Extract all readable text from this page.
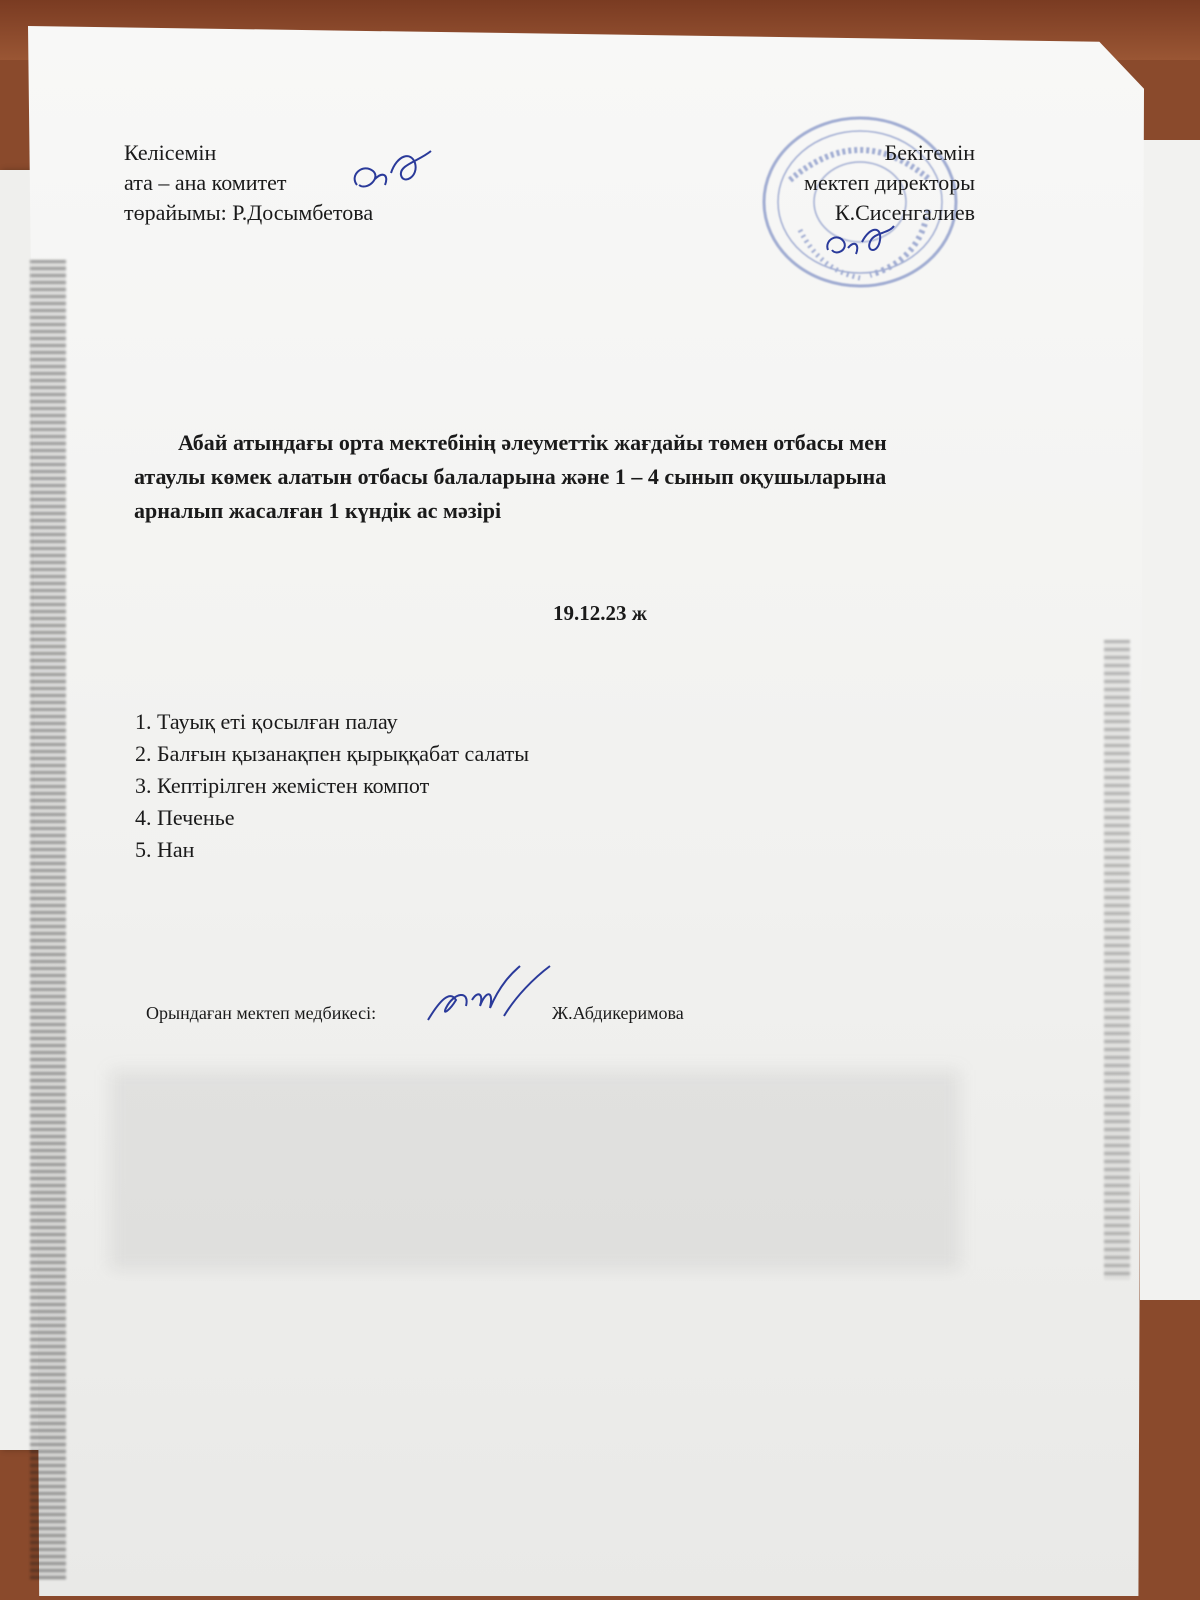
Келісемін
ата – ана комитет
төрайымы: Р.Досымбетова
Бекітемін
мектеп директоры
К.Сисенгалиев
Абай атындағы орта мектебінің әлеуметтік жағдайы төмен отбасы мен
атаулы көмек алатын отбасы балаларына және 1 – 4 сынып оқушыларына
арналып жасалған 1 күндік ас мәзірі
19.12.23 ж
1. Тауық еті қосылған палау
2. Балғын қызанақпен қырыққабат салаты
3. Кептірілген жемістен компот
4. Печенье
5. Нан
Орындаған мектеп медбикесі:	Ж.Абдикеримова
